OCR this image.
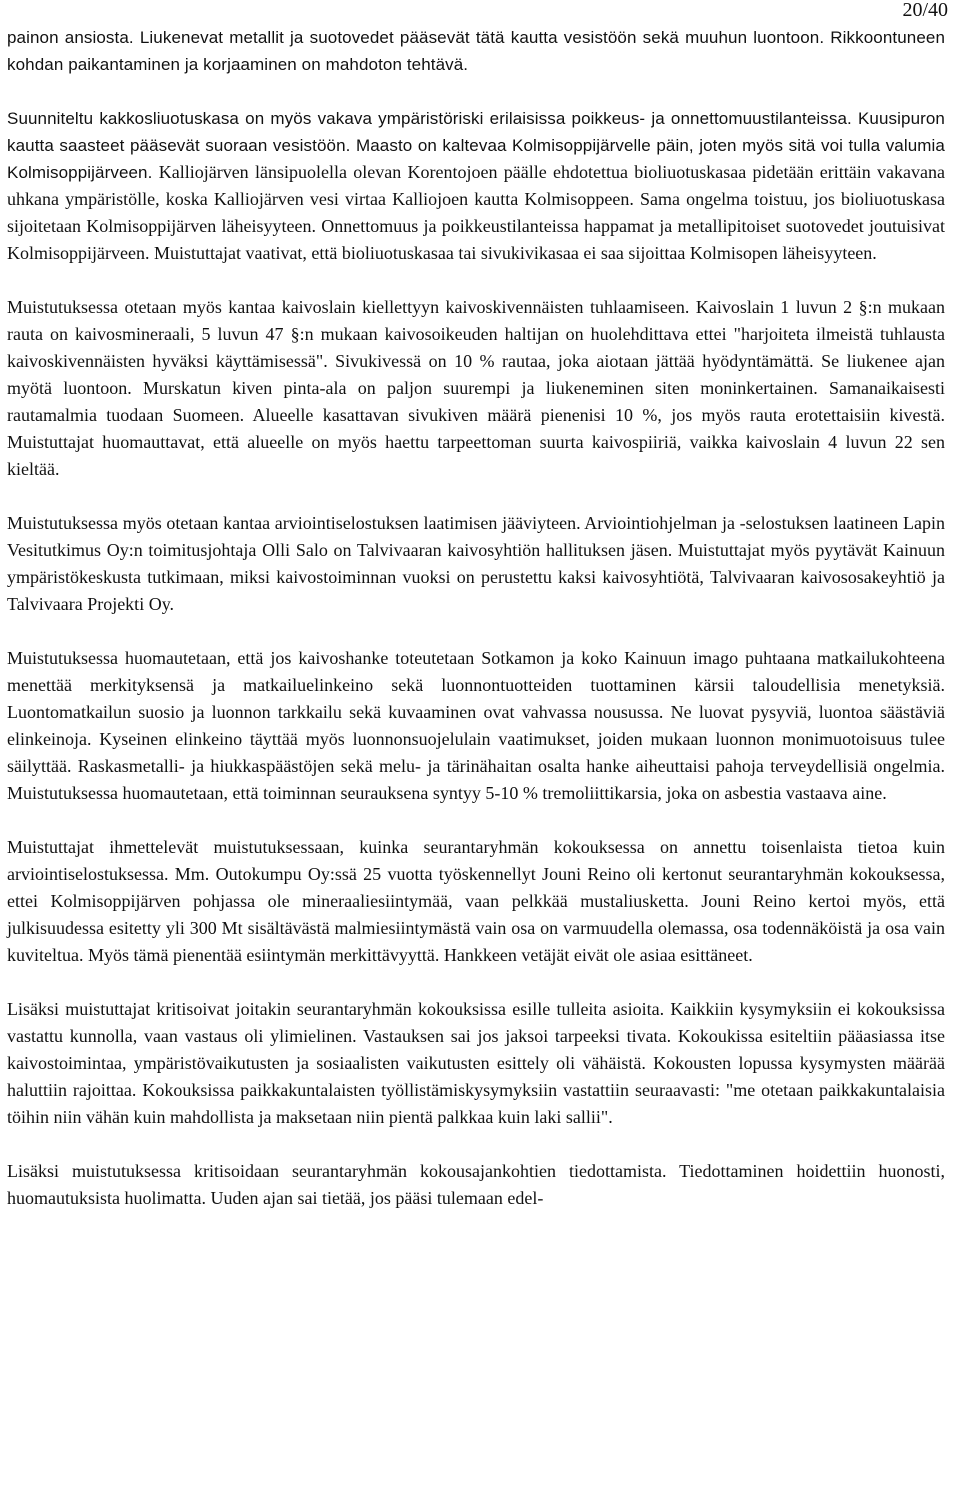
20/40

painon ansiosta. Liukenevat metallit ja suotovedet pääsevät tätä kautta vesistöön sekä muuhun luontoon. Rikkoontuneen kohdan paikantaminen ja korjaaminen on mahdoton tehtävä.

Suunniteltu kakkosliuotuskasa on myös vakava ympäristöriski erilaisissa poikkeus- ja onnettomuustilanteissa. Kuusipuron kautta saasteet pääsevät suoraan vesistöön. Maasto on kaltevaa Kolmisoppijärvelle päin, joten myös sitä voi tulla valumia Kolmisoppijärveen. Kalliojärven länsipuolella olevan Korentojoen päälle ehdotettua bioliuotuskasaa pidetään erittäin vakavana uhkana ympäristölle, koska Kalliojärven vesi virtaa Kalliojoen kautta Kolmisoppeen. Sama ongelma toistuu, jos bioliuotuskasa sijoitetaan Kolmisoppijärven läheisyyteen. Onnettomuus ja poikkeustilanteissa happamat ja metallipitoiset suotovedet joutuisivat Kolmisoppijärveen. Muistuttajat vaativat, että bioliuotuskasaa tai sivukivikasaa ei saa sijoittaa Kolmisopen läheisyyteen.

Muistutuksessa otetaan myös kantaa kaivoslain kiellettyyn kaivoskivennäisten tuhlaamiseen. Kaivoslain 1 luvun 2 §:n mukaan rauta on kaivosmineraali, 5 luvun 47 §:n mukaan kaivosoikeuden haltijan on huolehdittava ettei "harjoiteta ilmeistä tuhlausta kaivoskivennäisten hyväksi käyttämisessä". Sivukivessä on 10 % rautaa, joka aiotaan jättää hyödyntämättä. Se liukenee ajan myötä luontoon. Murskatun kiven pinta-ala on paljon suurempi ja liukeneminen siten moninkertainen. Samanaikaisesti rautamalmia tuodaan Suomeen. Alueelle kasattavan sivukiven määrä pienenisi 10 %, jos myös rauta erotettaisiin kivestä. Muistuttajat huomauttavat, että alueelle on myös haettu tarpeettoman suurta kaivospiiriä, vaikka kaivoslain 4 luvun 22 sen kieltää.

Muistutuksessa myös otetaan kantaa arviointiselostuksen laatimisen jääviyteen. Arviointiohjelman ja -selostuksen laatineen Lapin Vesitutkimus Oy:n toimitusjohtaja Olli Salo on Talvivaaran kaivosyhtiön hallituksen jäsen. Muistuttajat myös pyytävät Kainuun ympäristökeskusta tutkimaan, miksi kaivostoiminnan vuoksi on perustettu kaksi kaivosyhtiötä, Talvivaaran kaivososakeyhtiö ja Talvivaara Projekti Oy.

Muistutuksessa huomautetaan, että jos kaivoshanke toteutetaan Sotkamon ja koko Kainuun imago puhtaana matkailukohteena menettää merkityksensä ja matkailuelinkeino sekä luonnontuotteiden tuottaminen kärsii taloudellisia menetyksiä. Luontomatkailun suosio ja luonnon tarkkailu sekä kuvaaminen ovat vahvassa nousussa. Ne luovat pysyviä, luontoa säästäviä elinkeinoja. Kyseinen elinkeino täyttää myös luonnonsuojelulain vaatimukset, joiden mukaan luonnon monimuotoisuus tulee säilyttää. Raskasmetalli- ja hiukkaspäästöjen sekä melu- ja tärinähaitan osalta hanke aiheuttaisi pahoja terveydellisiä ongelmia. Muistutuksessa huomautetaan, että toiminnan seurauksena syntyy 5-10 % tremoliittikarsia, joka on asbestia vastaava aine.

Muistuttajat ihmettelevät muistutuksessaan, kuinka seurantaryhmän kokouksessa on annettu toisenlaista tietoa kuin arviointiselostuksessa. Mm. Outokumpu Oy:ssä 25 vuotta työskennellyt Jouni Reino oli kertonut seurantaryhmän kokouksessa, ettei Kolmisoppijärven pohjassa ole mineraaliesiintymää, vaan pelkkää mustaliusketta. Jouni Reino kertoi myös, että julkisuudessa esitetty yli 300 Mt sisältävästä malmiesiintymästä vain osa on varmuudella olemassa, osa todennäköistä ja osa vain kuviteltua. Myös tämä pienentää esiintymän merkittävyyttä. Hankkeen vetäjät eivät ole asiaa esittäneet.

Lisäksi muistuttajat kritisoivat joitakin seurantaryhmän kokouksissa esille tulleita asioita. Kaikkiin kysymyksiin ei kokouksissa vastattu kunnolla, vaan vastaus oli ylimielinen. Vastauksen sai jos jaksoi tarpeeksi tivata. Kokoukissa esiteltiin pääasiassa itse kaivostoimintaa, ympäristövaikutusten ja sosiaalisten vaikutusten esittely oli vähäistä. Kokousten lopussa kysymysten määrää haluttiin rajoittaa. Kokouksissa paikkakuntalaisten työllistämiskysymyksiin vastattiin seuraavasti: "me otetaan paikkakuntalaisia töihin niin vähän kuin mahdollista ja maksetaan niin pientä palkkaa kuin laki sallii".

Lisäksi muistutuksessa kritisoidaan seurantaryhmän kokousajankohtien tiedottamista. Tiedottaminen hoidettiin huonosti, huomautuksista huolimatta. Uuden ajan sai tietää, jos pääsi tulemaan edel-
